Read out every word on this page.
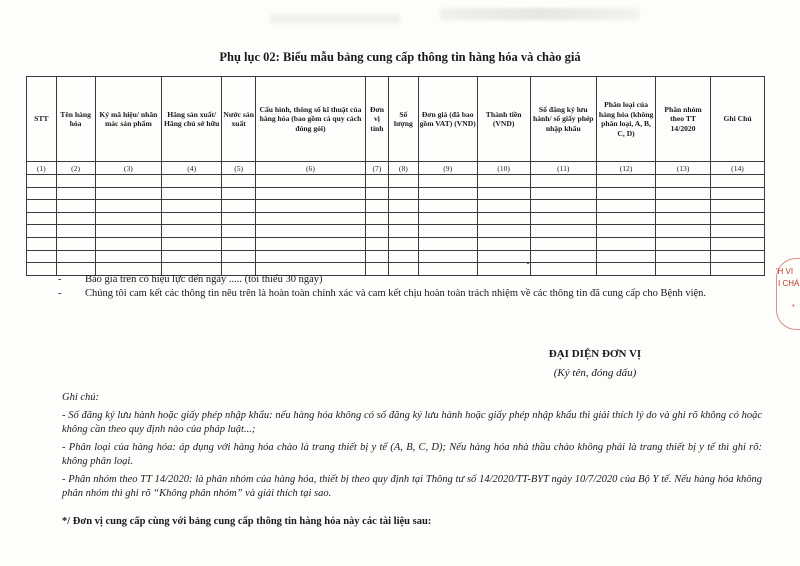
Phụ lục 02: Biểu mẫu bảng cung cấp thông tin hàng hóa và chào giá
STT	Tên hàng hóa	Ký mã hiệu/ nhãn mác sản phẩm	Hãng sản xuất/ Hãng chủ sở hữu	Nước sản xuất	Cấu hình, thông số kĩ thuật của hàng hóa (bao gồm cả quy cách đóng gói)	Đơn vị tính	Số lượng	Đơn giá (đã bao gồm VAT) (VND)	Thành tiền (VND)	Số đăng ký lưu hành/ số giấy phép nhập khẩu	Phân loại của hàng hóa (không phân loại, A, B, C, D)	Phân nhóm theo TT 14/2020	Ghi Chú
(1)	(2)	(3)	(4)	(5)	(6)	(7)	(8)	(9)	(10)	(11)	(12)	(13)	(14)

- Báo giá trên có hiệu lực đến ngày ..... (tối thiểu 30 ngày)
- Chúng tôi cam kết các thông tin nêu trên là hoàn toàn chính xác và cam kết chịu hoàn toàn trách nhiệm về các thông tin đã cung cấp cho Bệnh viện.
ĐẠI DIỆN ĐƠN VỊ
(Ký tên, đóng dấu)

Ghi chú:

- Số đăng ký lưu hành hoặc giấy phép nhập khẩu: nếu hàng hóa không có số đăng ký lưu hành hoặc giấy phép nhập khẩu thì giải thích lý do và ghi rõ không có hoặc không cần theo quy định nào của pháp luật...;

- Phân loại của hàng hóa: áp dụng với hàng hóa chào là trang thiết bị y tế (A, B, C, D); Nếu hàng hóa nhà thầu chào không phải là trang thiết bị y tế thì ghi rõ: không phân loại.

- Phân nhóm theo TT 14/2020: là phân nhóm của hàng hóa, thiết bị theo quy định tại Thông tư số 14/2020/TT-BYT ngày 10/7/2020 của Bộ Y tế. Nếu hàng hóa không phân nhóm thì ghi rõ “Không phân nhóm” và giải thích tại sao.

*/ Đơn vị cung cấp cùng với bảng cung cấp thông tin hàng hóa này các tài liệu sau:
'H VI
I CHÁ
*
